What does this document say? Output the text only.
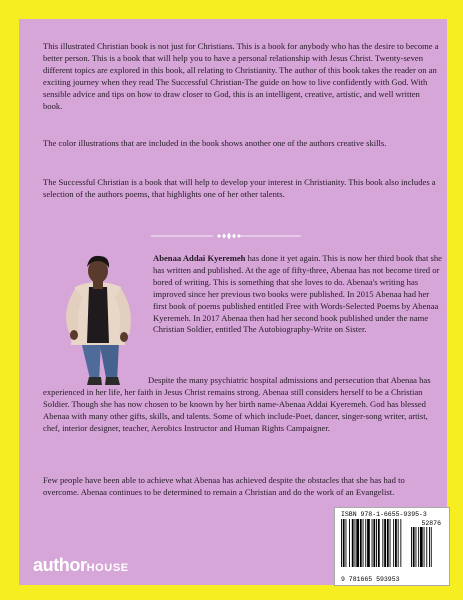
This illustrated Christian book is not just for Christians. This is a book for anybody who has the desire to become a better person. This is a book that will help you to have a personal relationship with Jesus Christ. Twenty-seven different topics are explored in this book, all relating to Christianity. The author of this book takes the reader on an exciting journey when they read The Successful Christian-The guide on how to live confidently with God. With sensible advice and tips on how to draw closer to God, this is an intelligent, creative, artistic, and well written book.

The color illustrations that are included in the book shows another one of the authors creative skills.

The Successful Christian is a book that will help to develop your interest in Christianity. This book also includes a selection of the authors poems, that highlights one of her other talents.

Abenaa Addai Kyeremeh has done it yet again. This is now her third book that she has written and published. At the age of fifty-three, Abenaa has not become tired or bored of writing. This is something that she loves to do. Abenaa's writing has improved since her previous two books were published. In 2015 Abenaa had her first book of poems published entitled Free with Words-Selected Poems by Abenaa Kyeremeh. In 2017 Abenaa then had her second book published under the name Christian Soldier, entitled The Autobiography-Write on Sister.

Despite the many psychiatric hospital admissions and persecution that Abenaa has experienced in her life, her faith in Jesus Christ remains strong. Abenaa still considers herself to be a Christian Soldier. Though she has now chosen to be known by her birth name-Abenaa Addai Kyeremeh. God has blessed Abenaa with many other gifts, skills, and talents. Some of which include-Poet, dancer, singer-song writer, artist, chef, interior designer, teacher, Aerobics Instructor and Human Rights Campaigner.

Few people have been able to achieve what Abenaa has achieved despite the obstacles that she has had to overcome. Abenaa continues to be determined to remain a Christian and do the work of an Evangelist.

authorHOUSE
ISBN 978-1-6655-9395-3
52876
9 781665 593953
